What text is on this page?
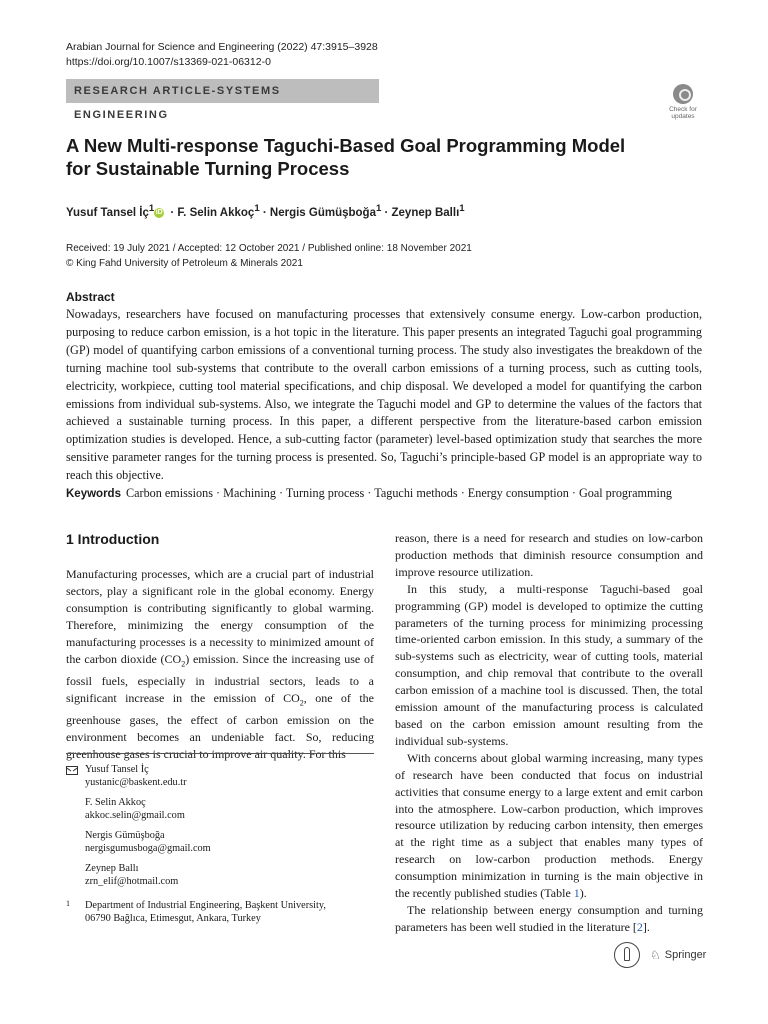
Arabian Journal for Science and Engineering (2022) 47:3915–3928
https://doi.org/10.1007/s13369-021-06312-0
RESEARCH ARTICLE-SYSTEMS ENGINEERING	Check for
updates
A New Multi-response Taguchi-Based Goal Programming Model
for Sustainable Turning Process
Yusuf Tansel $İç^1$ iD · F. Selin Akkoç$^1$ · Nergis Gümüşboğa$^1$ · Zeynep Ballı$^1$
Received: 19 July 2021 / Accepted: 12 October 2021 / Published online: 18 November 2021
© King Fahd University of Petroleum & Minerals 2021
Abstract
Nowadays, researchers have focused on manufacturing processes that extensively consume energy. Low-carbon production, purposing to reduce carbon emission, is a hot topic in the literature. This paper presents an integrated Taguchi goal programming (GP) model of quantifying carbon emissions of a conventional turning process. The study also investigates the breakdown of the turning machine tool sub-systems that contribute to the overall carbon emissions of a turning process, such as cutting tools, electricity, workpiece, cutting tool material specifications, and chip disposal. We developed a model for quantifying the carbon emissions from individual sub-systems. Also, we integrate the Taguchi model and GP to determine the values of the factors that achieved a sustainable turning process. In this paper, a different perspective from the literature-based carbon emission optimization studies is developed. Hence, a sub-cutting factor (parameter) level-based optimization study that searches the more sensitive parameter ranges for the turning process is presented. So, Taguchi’s principle-based GP model is an appropriate way to reach this objective.
Keywords Carbon emissions · Machining · Turning process · Taguchi methods · Energy consumption · Goal programming
1 Introduction

Manufacturing processes, which are a crucial part of industrial sectors, play a significant role in the global economy. Energy consumption is contributing significantly to global warming. Therefore, minimizing the energy consumption of the manufacturing processes is a necessity to minimized amount of the carbon dioxide $(CO_2)$ emission. Since the increasing use of fossil fuels, especially in industrial sectors, leads to a significant increase in the emission of $CO_2$, one of the greenhouse gases, the effect of carbon emission on the environment becomes an undeniable fact. So, reducing

reason, there is a need for research and studies on low-carbon production methods that diminish resource consumption and improve resource utilization.

In this study, a multi-response Taguchi-based goal programming (GP) model is developed to optimize the cutting parameters of the turning process for minimizing processing time-oriented carbon emission. In this study, a summary of the sub-systems such as electricity, wear of cutting tools, material consumption, and chip removal that contribute to the overall carbon emission of a machine tool is discussed. Then, the total emission amount of the manufacturing process is calculated based on the carbon emission amount resulting from the individual sub-systems.

With concerns about global warming increasing, many types of research have been conducted that focus on industrial activities that consume energy to a large extent and emit carbon into the atmosphere. Low-carbon production, which improves resource utilization by reducing carbon intensity, then emerges at the right time as a subject that enables many types of research on low-carbon production methods. Energy consumption minimization in turning is the main objective in the recently published studies (Table 1).

The relationship between energy consumption and turning parameters has been well studied in the literature [2].

Yusuf Tansel İç
yustanic@baskent.edu.tr
F. Selin Akkoç
akkoc.selin@gmail.com
Nergis Gümüşboğa
nergisgumusboga@gmail.com
Zeynep Ballı
zrn_elif@hotmail.com
1 Department of Industrial Engineering, Başkent University,
06790 Bağlıca, Etimesgut, Ankara, Turkey
♘ Springer
